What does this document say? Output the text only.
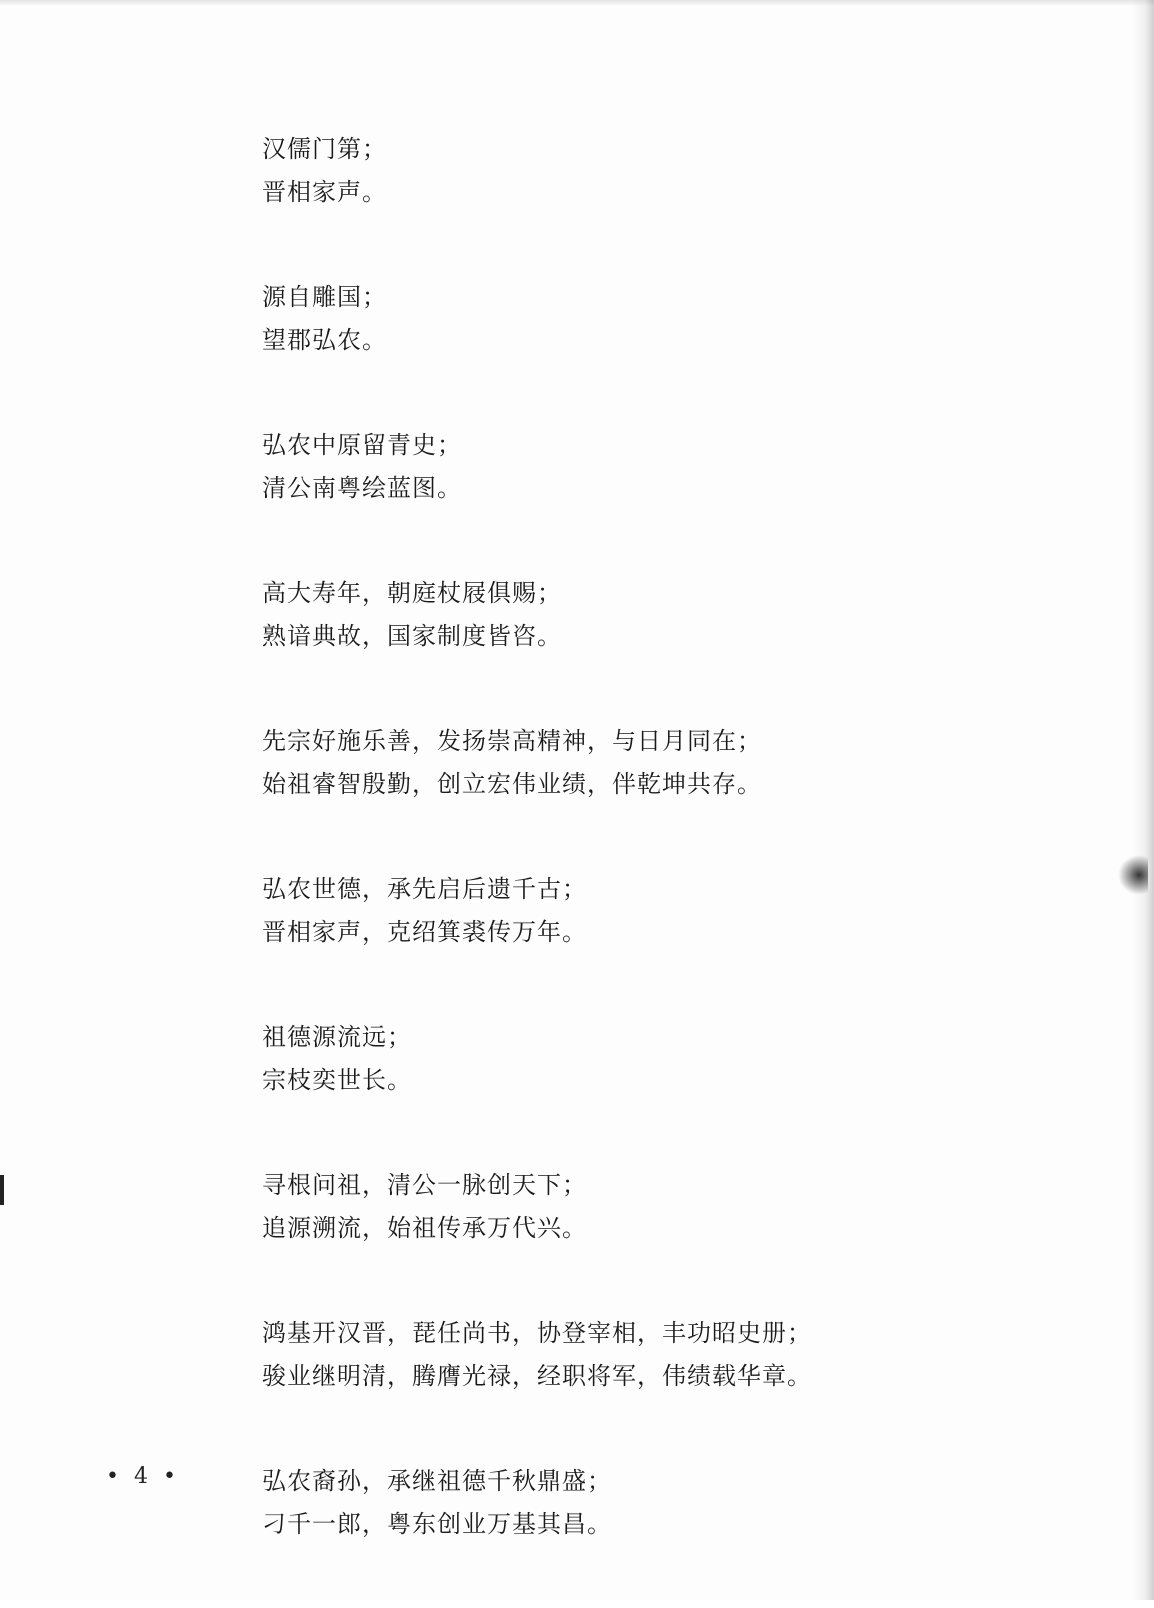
汉儒门第；
晋相家声。
源自雕国；
望郡弘农。
弘农中原留青史；
清公南粤绘蓝图。
高大寿年，朝庭杖屐俱赐；
熟谙典故，国家制度皆咨。
先宗好施乐善，发扬崇高精神，与日月同在；
始祖睿智殷勤，创立宏伟业绩，伴乾坤共存。
弘农世德，承先启后遗千古；
晋相家声，克绍箕裘传万年。
祖德源流远；
宗枝奕世长。
寻根问祖，清公一脉创天下；
追源溯流，始祖传承万代兴。
鸿基开汉晋，琵任尚书，协登宰相，丰功昭史册；
骏业继明清，腾膺光禄，经职将军，伟绩载华章。
弘农裔孙，承继祖德千秋鼎盛；
刁千一郎，粤东创业万基其昌。
• 4 •
